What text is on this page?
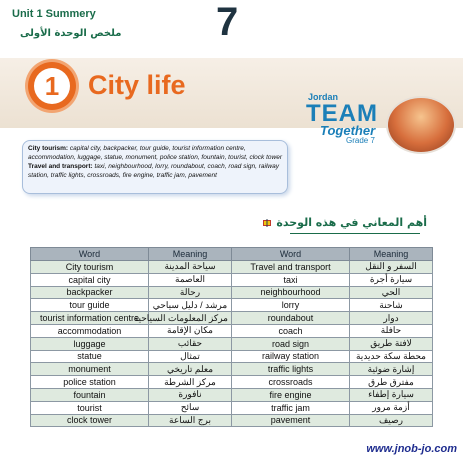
Unit 1 Summery
ملخص الوحدة الأولى 7
1	City life	Jordan
TEAM
Together
Grade 7
City tourism: capital city, backpacker, tour guide, tourist information centre, accommodation, luggage, statue, monument, police station, fountain, tourist, clock tower
Travel and transport: taxi, neighbourhood, lorry, roundabout, coach, road sign, railway station, traffic lights, crossroads, fire engine, traffic jam, pavement
أهم المعاني في هذه الوحدة
Word	Meaning	Word	Meaning
City tourism	سياحة المدينة	Travel and transport	السفر و النقل
capital city	العاصمة	taxi	سيارة أجرة
backpacker	رحالة	neighbourhood	الحي
tour guide	مرشد / دليل سياحي	lorry	شاحنة
tourist information centre	مركز المعلومات السياحية	roundabout	دوار
accommodation	مكان الإقامة	coach	حافلة
luggage	حقائب	road sign	لافتة طريق
statue	تمثال	railway station	محطة سكة حديدية
monument	معلم تاريخي	traffic lights	إشارة ضوئية
police station	مركز الشرطة	crossroads	مفترق طرق
fountain	نافورة	fire engine	سيارة إطفاء
tourist	سائح	traffic jam	أزمة مرور
clock tower	برج الساعة	pavement	رصيف
www.jnob-jo.com
